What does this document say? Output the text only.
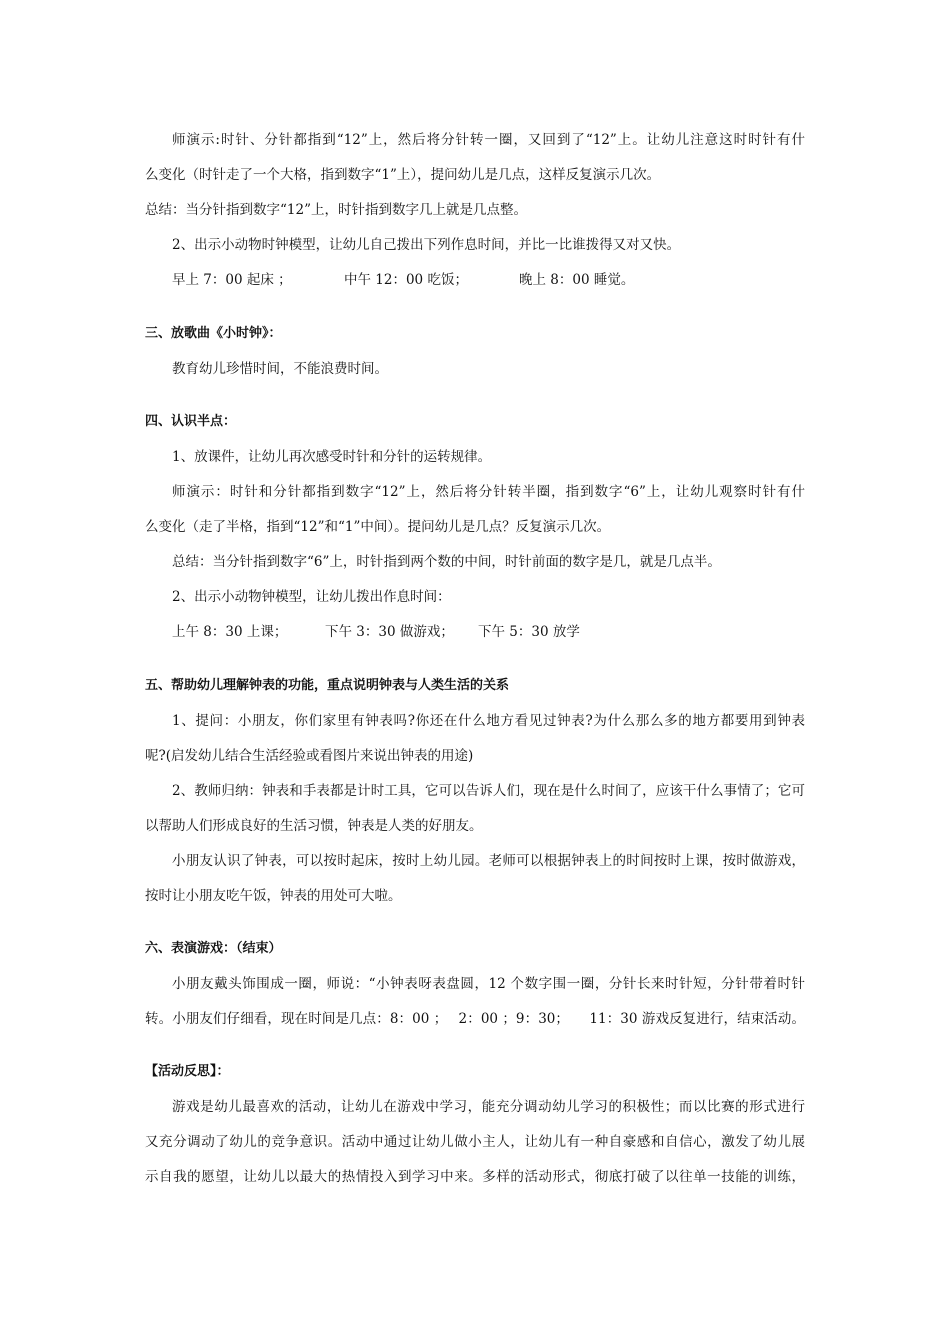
师演示:时针、分针都指到“12”上，然后将分针转一圈，又回到了“12”上。让幼儿注意这时时针有什
么变化（时针走了一个大格，指到数字“1”上），提问幼儿是几点，这样反复演示几次。
总结：当分针指到数字“12”上，时针指到数字几上就是几点整。
2、出示小动物时钟模型，让幼儿自己拨出下列作息时间，并比一比谁拨得又对又快。
早上 7：00 起床 ；	中午 12：00 吃饭；	晚上 8：00 睡觉。
三、放歌曲《小时钟》：
教育幼儿珍惜时间，不能浪费时间。
四、认识半点：
1、放课件，让幼儿再次感受时针和分针的运转规律。
师演示：时针和分针都指到数字“12”上，然后将分针转半圈，指到数字“6”上，让幼儿观察时针有什
么变化（走了半格，指到“12”和“1”中间）。提问幼儿是几点？反复演示几次。
总结：当分针指到数字“6”上，时针指到两个数的中间，时针前面的数字是几，就是几点半。
2、出示小动物钟模型，让幼儿拨出作息时间：
上午 8：30 上课；	下午 3：30 做游戏； 下午 5：30 放学
五、帮助幼儿理解钟表的功能，重点说明钟表与人类生活的关系
1、提问：小朋友，你们家里有钟表吗?你还在什么地方看见过钟表?为什么那么多的地方都要用到钟表
呢?(启发幼儿结合生活经验或看图片来说出钟表的用途)
2、教师归纳：钟表和手表都是计时工具，它可以告诉人们，现在是什么时间了，应该干什么事情了；它可
以帮助人们形成良好的生活习惯，钟表是人类的好朋友。
小朋友认识了钟表，可以按时起床，按时上幼儿园。老师可以根据钟表上的时间按时上课，按时做游戏，
按时让小朋友吃午饭，钟表的用处可大啦。
六、表演游戏：（结束）
小朋友戴头饰围成一圈，师说：“小钟表呀表盘圆，12 个数字围一圈，分针长来时针短，分针带着时针
转。小朋友们仔细看，现在时间是几点：8：00 ；　 2：00 ；9：30；　　11：30 游戏反复进行，结束活动。
【活动反思】：
游戏是幼儿最喜欢的活动，让幼儿在游戏中学习，能充分调动幼儿学习的积极性；而以比赛的形式进行
又充分调动了幼儿的竞争意识。活动中通过让幼儿做小主人，让幼儿有一种自豪感和自信心，激发了幼儿展
示自我的愿望，让幼儿以最大的热情投入到学习中来。多样的活动形式，彻底打破了以往单一技能的训练，
